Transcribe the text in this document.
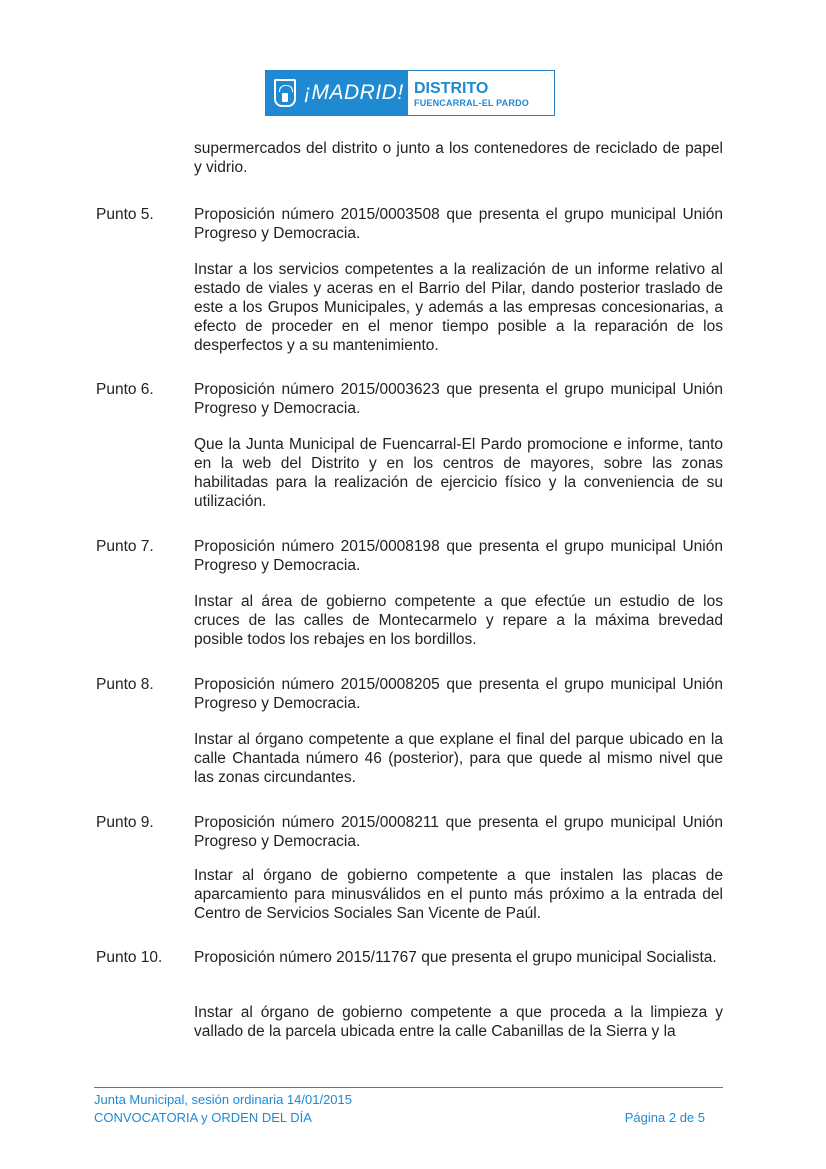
¡MADRID! DISTRITO
FUENCARRAL-EL PARDO
supermercados del distrito o junto a los contenedores de reciclado de papel y vidrio.
Punto 5.	Proposición número 2015/0003508 que presenta el grupo municipal Unión Progreso y Democracia.
Instar a los servicios competentes a la realización de un informe relativo al estado de viales y aceras en el Barrio del Pilar, dando posterior traslado de este a los Grupos Municipales, y además a las empresas concesionarias, a efecto de proceder en el menor tiempo posible a la reparación de los desperfectos y a su mantenimiento.
Punto 6.	Proposición número 2015/0003623 que presenta el grupo municipal Unión Progreso y Democracia.
Que la Junta Municipal de Fuencarral-El Pardo promocione e informe, tanto en la web del Distrito y en los centros de mayores, sobre las zonas habilitadas para la realización de ejercicio físico y la conveniencia de su utilización.
Punto 7.	Proposición número 2015/0008198 que presenta el grupo municipal Unión Progreso y Democracia.
Instar al área de gobierno competente a que efectúe un estudio de los cruces de las calles de Montecarmelo y repare a la máxima brevedad posible todos los rebajes en los bordillos.
Punto 8.	Proposición número 2015/0008205 que presenta el grupo municipal Unión Progreso y Democracia.
Instar al órgano competente a que explane el final del parque ubicado en la calle Chantada número 46 (posterior), para que quede al mismo nivel que las zonas circundantes.
Punto 9.	Proposición número 2015/0008211 que presenta el grupo municipal Unión Progreso y Democracia.
Instar al órgano de gobierno competente a que instalen las placas de aparcamiento para minusválidos en el punto más próximo a la entrada del Centro de Servicios Sociales San Vicente de Paúl.
Punto 10. Proposición número 2015/11767 que presenta el grupo municipal Socialista.
Instar al órgano de gobierno competente a que proceda a la limpieza y vallado de la parcela ubicada entre la calle Cabanillas de la Sierra y la
Junta Municipal, sesión ordinaria 14/01/2015
CONVOCATORIA y ORDEN DEL DÍA	Página 2 de 5
